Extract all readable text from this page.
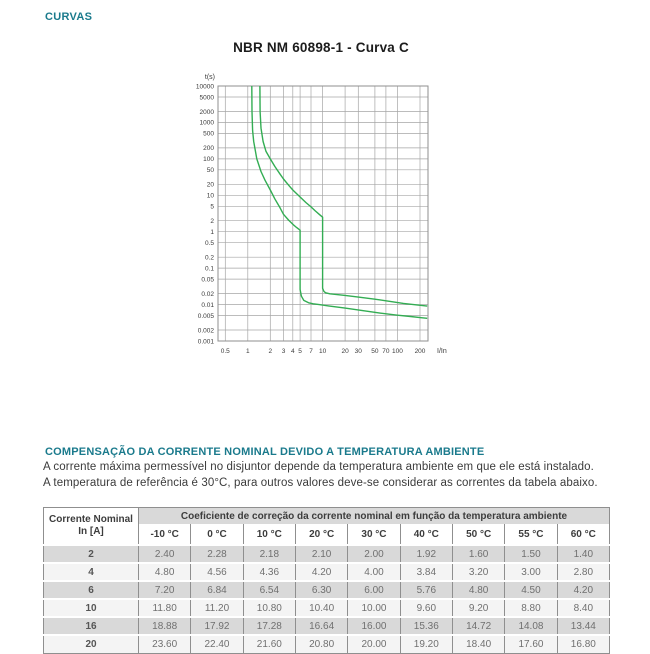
CURVAS
NBR NM 60898-1 - Curva C
10000
5000
2000
1000
500
200
100
50
20
10
5
2
1
0.5
0.2
0.1
0.05
0.02
0.01
0.005
0.002
0.001
0.5 1	2 3 4 5 7 10 20 30 50 70 100 200
t(s)
I/In
COMPENSAÇÃO DA CORRENTE NOMINAL DEVIDO A TEMPERATURA AMBIENTE
A corrente máxima permessível no disjuntor depende da temperatura ambiente em que ele está instalado.
A temperatura de referência é 30°C, para outros valores deve-se considerar as correntes da tabela abaixo.
Corrente Nominal
In [A]	Coeficiente de correção da corrente nominal em função da temperatura ambiente								
	-10 °C	0 °C	10 °C	20 °C	30 °C	40 °C	50 °C	55 °C	60 °C
2	2.40	2.28	2.18	2.10	2.00	1.92	1.60	1.50	1.40
4	4.80	4.56	4.36	4.20	4.00	3.84	3.20	3.00	2.80
6	7.20	6.84	6.54	6.30	6.00	5.76	4.80	4.50	4.20
10	11.80	11.20	10.80	10.40	10.00	9.60	9.20	8.80	8.40
16	18.88	17.92	17.28	16.64	16.00	15.36	14.72	14.08	13.44
20	23.60	22.40	21.60	20.80	20.00	19.20	18.40	17.60	16.80
